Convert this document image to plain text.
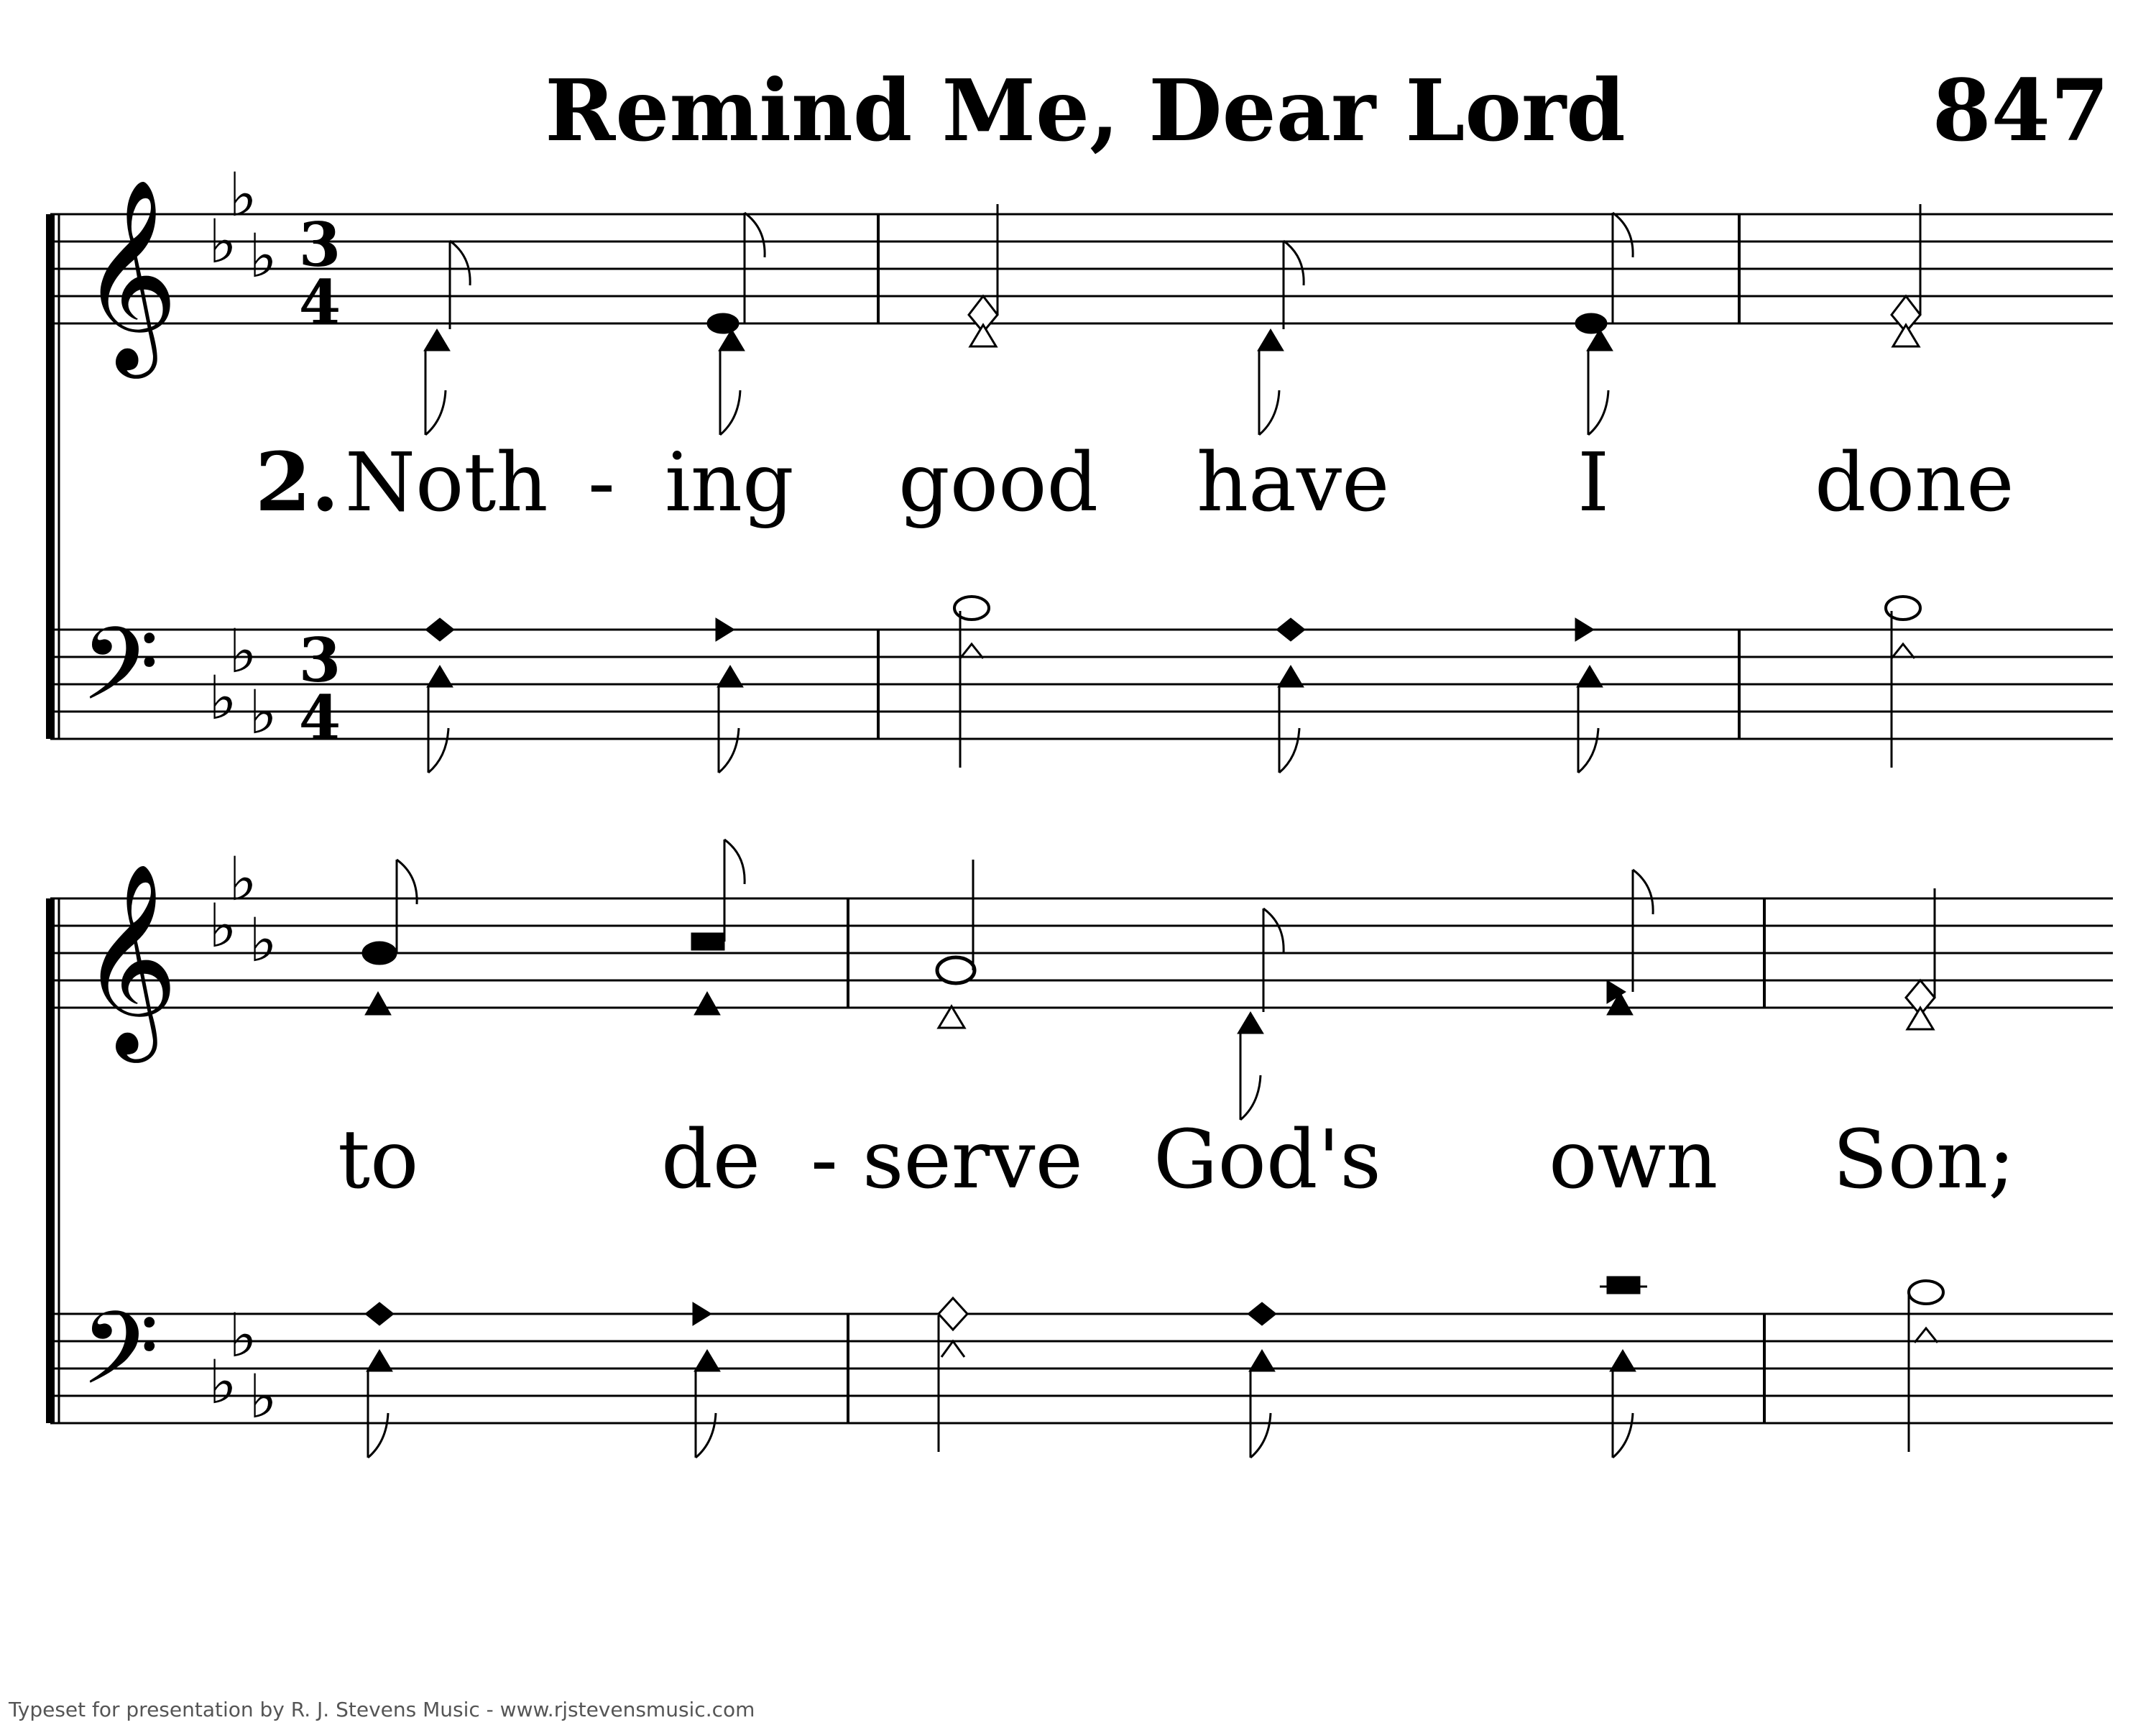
Remind Me, Dear Lord	847
𝄞
𝄢
♭
♭
♭
♭
♭
♭
3
4
3
4
2. Noth - ing good have I	done
𝄞
𝄢
♭
♭
♭
♭
♭
♭
to	de - serve God's own Son;
Typeset for presentation by R. J. Stevens Music - www.rjstevensmusic.com
